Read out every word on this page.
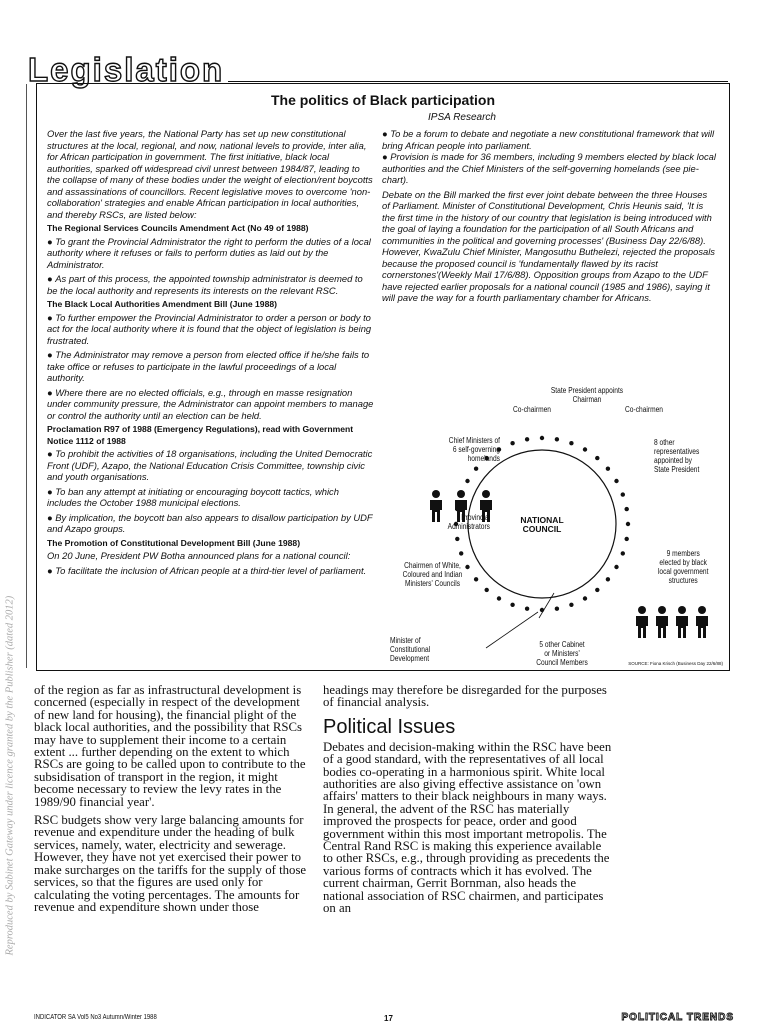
Legislation
The politics of Black participation
IPSA Research

Over the last five years, the National Party has set up new constitutional structures at the local, regional, and now, national levels to provide, inter alia, for African participation in government. The first initiative, black local authorities, sparked off widespread civil unrest between 1984/87, leading to the collapse of many of these bodies under the weight of election/rent boycotts and assassinations of councillors. Recent legislative moves to overcome 'non-collaboration' strategies and enable African participation in local authorities, and thereby RSCs, are listed below:

The Regional Services Councils Amendment Act (No 49 of 1988)

● To grant the Provincial Administrator the right to perform the duties of a local authority where it refuses or fails to perform duties as laid out by the Administrator.

● As part of this process, the appointed township administrator is deemed to be the local authority and represents its interests on the relevant RSC.

The Black Local Authorities Amendment Bill (June 1988)

● To further empower the Provincial Administrator to order a person or body to act for the local authority where it is found that the object of legislation is being frustrated.

● The Administrator may remove a person from elected office if he/she fails to take office or refuses to participate in the lawful proceedings of a local authority.

● Where there are no elected officials, e.g., through en masse resignation under community pressure, the Administrator can appoint members to manage or control the authority until an election can be held.

Proclamation R97 of 1988 (Emergency Regulations), read with Government Notice 1112 of 1988

● To prohibit the activities of 18 organisations, including the United Democratic Front (UDF), Azapo, the National Education Crisis Committee, township civic and youth organisations.

● To ban any attempt at initiating or encouraging boycott tactics, which includes the October 1988 municipal elections.

● By implication, the boycott ban also appears to disallow participation by UDF and Azapo groups.

The Promotion of Constitutional Development Bill (June 1988)

On 20 June, President PW Botha announced plans for a national council:

● To facilitate the inclusion of African people at a third-tier level of parliament.

● To be a forum to debate and negotiate a new constitutional framework that will bring African people into parliament.

● Provision is made for 36 members, including 9 members elected by black local authorities and the Chief Ministers of the self-governing homelands (see pie-chart).

Debate on the Bill marked the first ever joint debate between the three Houses of Parliament. Minister of Constitutional Development, Chris Heunis said, 'It is the first time in the history of our country that legislation is being introduced with the goal of laying a foundation for the participation of all South Africans and communities in the political and governing processes' (Business Day 22/6/88). However, KwaZulu Chief Minister, Mangosuthu Buthelezi, rejected the proposals because the proposed council is 'fundamentally flawed by its racist cornerstones'(Weekly Mail 17/6/88). Opposition groups from Azapo to the UDF have rejected earlier proposals for a national council (1985 and 1986), saying it will pave the way for a fourth parliamentary chamber for Africans.

NATIONAL
COUNCIL
State President appoints
Chairman
Co-chairmen	Co-chairmen
Chief Ministers of
6 self-governing
homelands
8 other
representatives
appointed by
State President
Provincial
Administrators
Chairmen of White,
Coloured and Indian
Ministers' Councils
9 members
elected by black
local government
structures
Minister of
Constitutional
Development
5 other Cabinet
or Ministers'
Council Members	SOURCE: Fiona Krisch (Business Day 22/6/88)

of the region as far as infrastructural development is concerned (especially in respect of the development of new land for housing), the financial plight of the black local authorities, and the possibility that RSCs may have to supplement their income to a certain extent ... further depending on the extent to which RSCs are going to be called upon to contribute to the subsidisation of transport in the region, it might become necessary to review the levy rates in the 1989/90 financial year'.

RSC budgets show very large balancing amounts for revenue and expenditure under the heading of bulk services, namely, water, electricity and sewerage. However, they have not yet exercised their power to make surcharges on the tariffs for the supply of those services, so that the figures are used only for calculating the voting percentages. The amounts for revenue and expenditure shown under those

headings may therefore be disregarded for the purposes of financial analysis.

Political Issues

Debates and decision-making within the RSC have been of a good standard, with the representatives of all local bodies co-operating in a harmonious spirit. White local authorities are also giving effective assistance on 'own affairs' matters to their black neighbours in many ways. In general, the advent of the RSC has materially improved the prospects for peace, order and good government within this most important metropolis. The Central Rand RSC is making this experience available to other RSCs, e.g., through providing as precedents the various forms of contracts which it has evolved. The current chairman, Gerrit Bornman, also heads the national association of RSC chairmen, and participates on an

INDICATOR SA Vol5 No3 Autumn/Winter 1988	17	POLITICAL TRENDS
Reproduced by Sabinet Gateway under licence granted by the Publisher (dated 2012)
